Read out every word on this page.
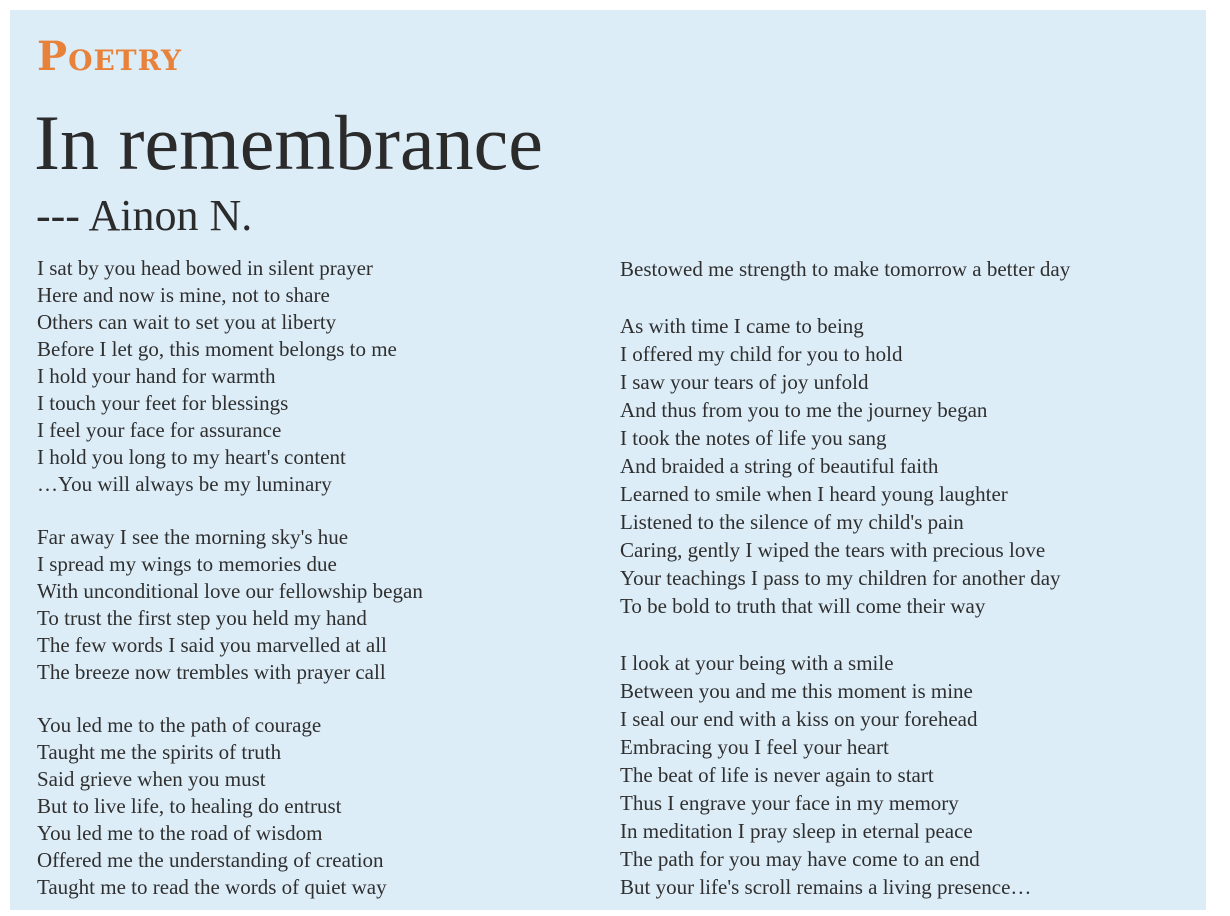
Poetry
In remembrance

--- Ainon N.

I sat by you head bowed in silent prayer
Here and now is mine, not to share
Others can wait to set you at liberty
Before I let go, this moment belongs to me
I hold your hand for warmth
I touch your feet for blessings
I feel your face for assurance
I hold you long to my heart's content
…You will always be my luminary

Far away I see the morning sky's hue
I spread my wings to memories due
With unconditional love our fellowship began
To trust the first step you held my hand
The few words I said you marvelled at all
The breeze now trembles with prayer call

You led me to the path of courage
Taught me the spirits of truth
Said grieve when you must
But to live life, to healing do entrust
You led me to the road of wisdom
Offered me the understanding of creation
Taught me to read the words of quiet way

Bestowed me strength to make tomorrow a better day

As with time I came to being
I offered my child for you to hold
I saw your tears of joy unfold
And thus from you to me the journey began
I took the notes of life you sang
And braided a string of beautiful faith
Learned to smile when I heard young laughter
Listened to the silence of my child's pain
Caring, gently I wiped the tears with precious love
Your teachings I pass to my children for another day
To be bold to truth that will come their way

I look at your being with a smile
Between you and me this moment is mine
I seal our end with a kiss on your forehead
Embracing you I feel your heart
The beat of life is never again to start
Thus I engrave your face in my memory
In meditation I pray sleep in eternal peace
The path for you may have come to an end
But your life's scroll remains a living presence…
